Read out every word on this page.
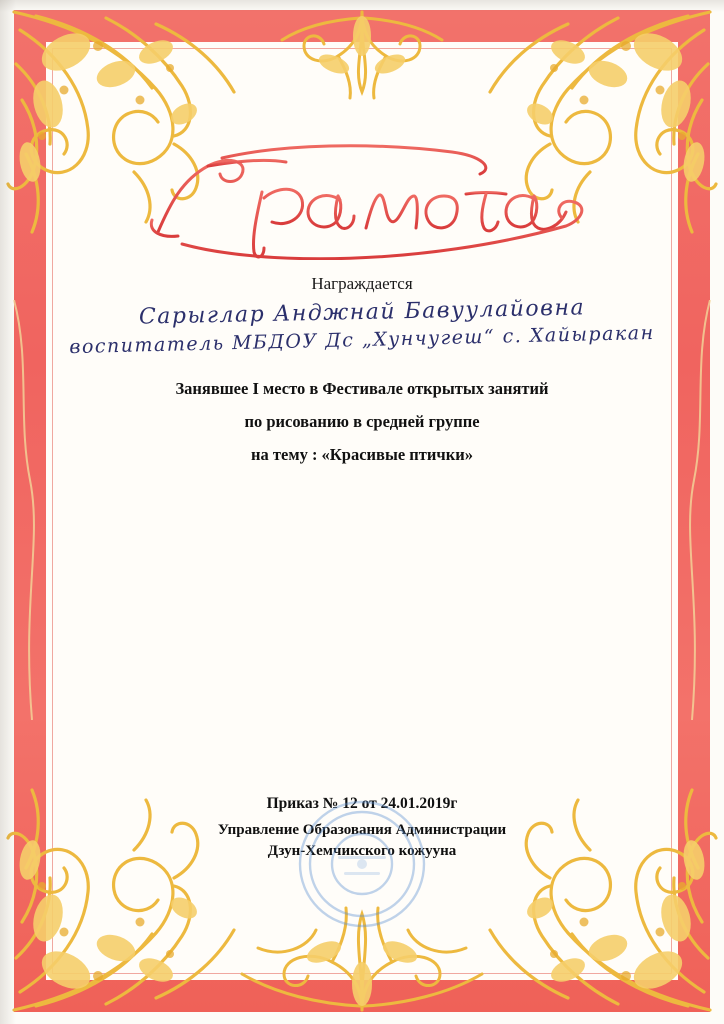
Награждается
Сарыглар Анджнай Бавуулайовна
воспитатель МБДОУ Дс „Хунчугеш“ с. Хайыракан
Занявшее I место в Фестивале открытых занятий
по рисованию в средней группе
на тему : «Красивые птички»
Приказ № 12 от 24.01.2019г
Управление Образования Администрации
Дзун-Хемчикского кожууна
